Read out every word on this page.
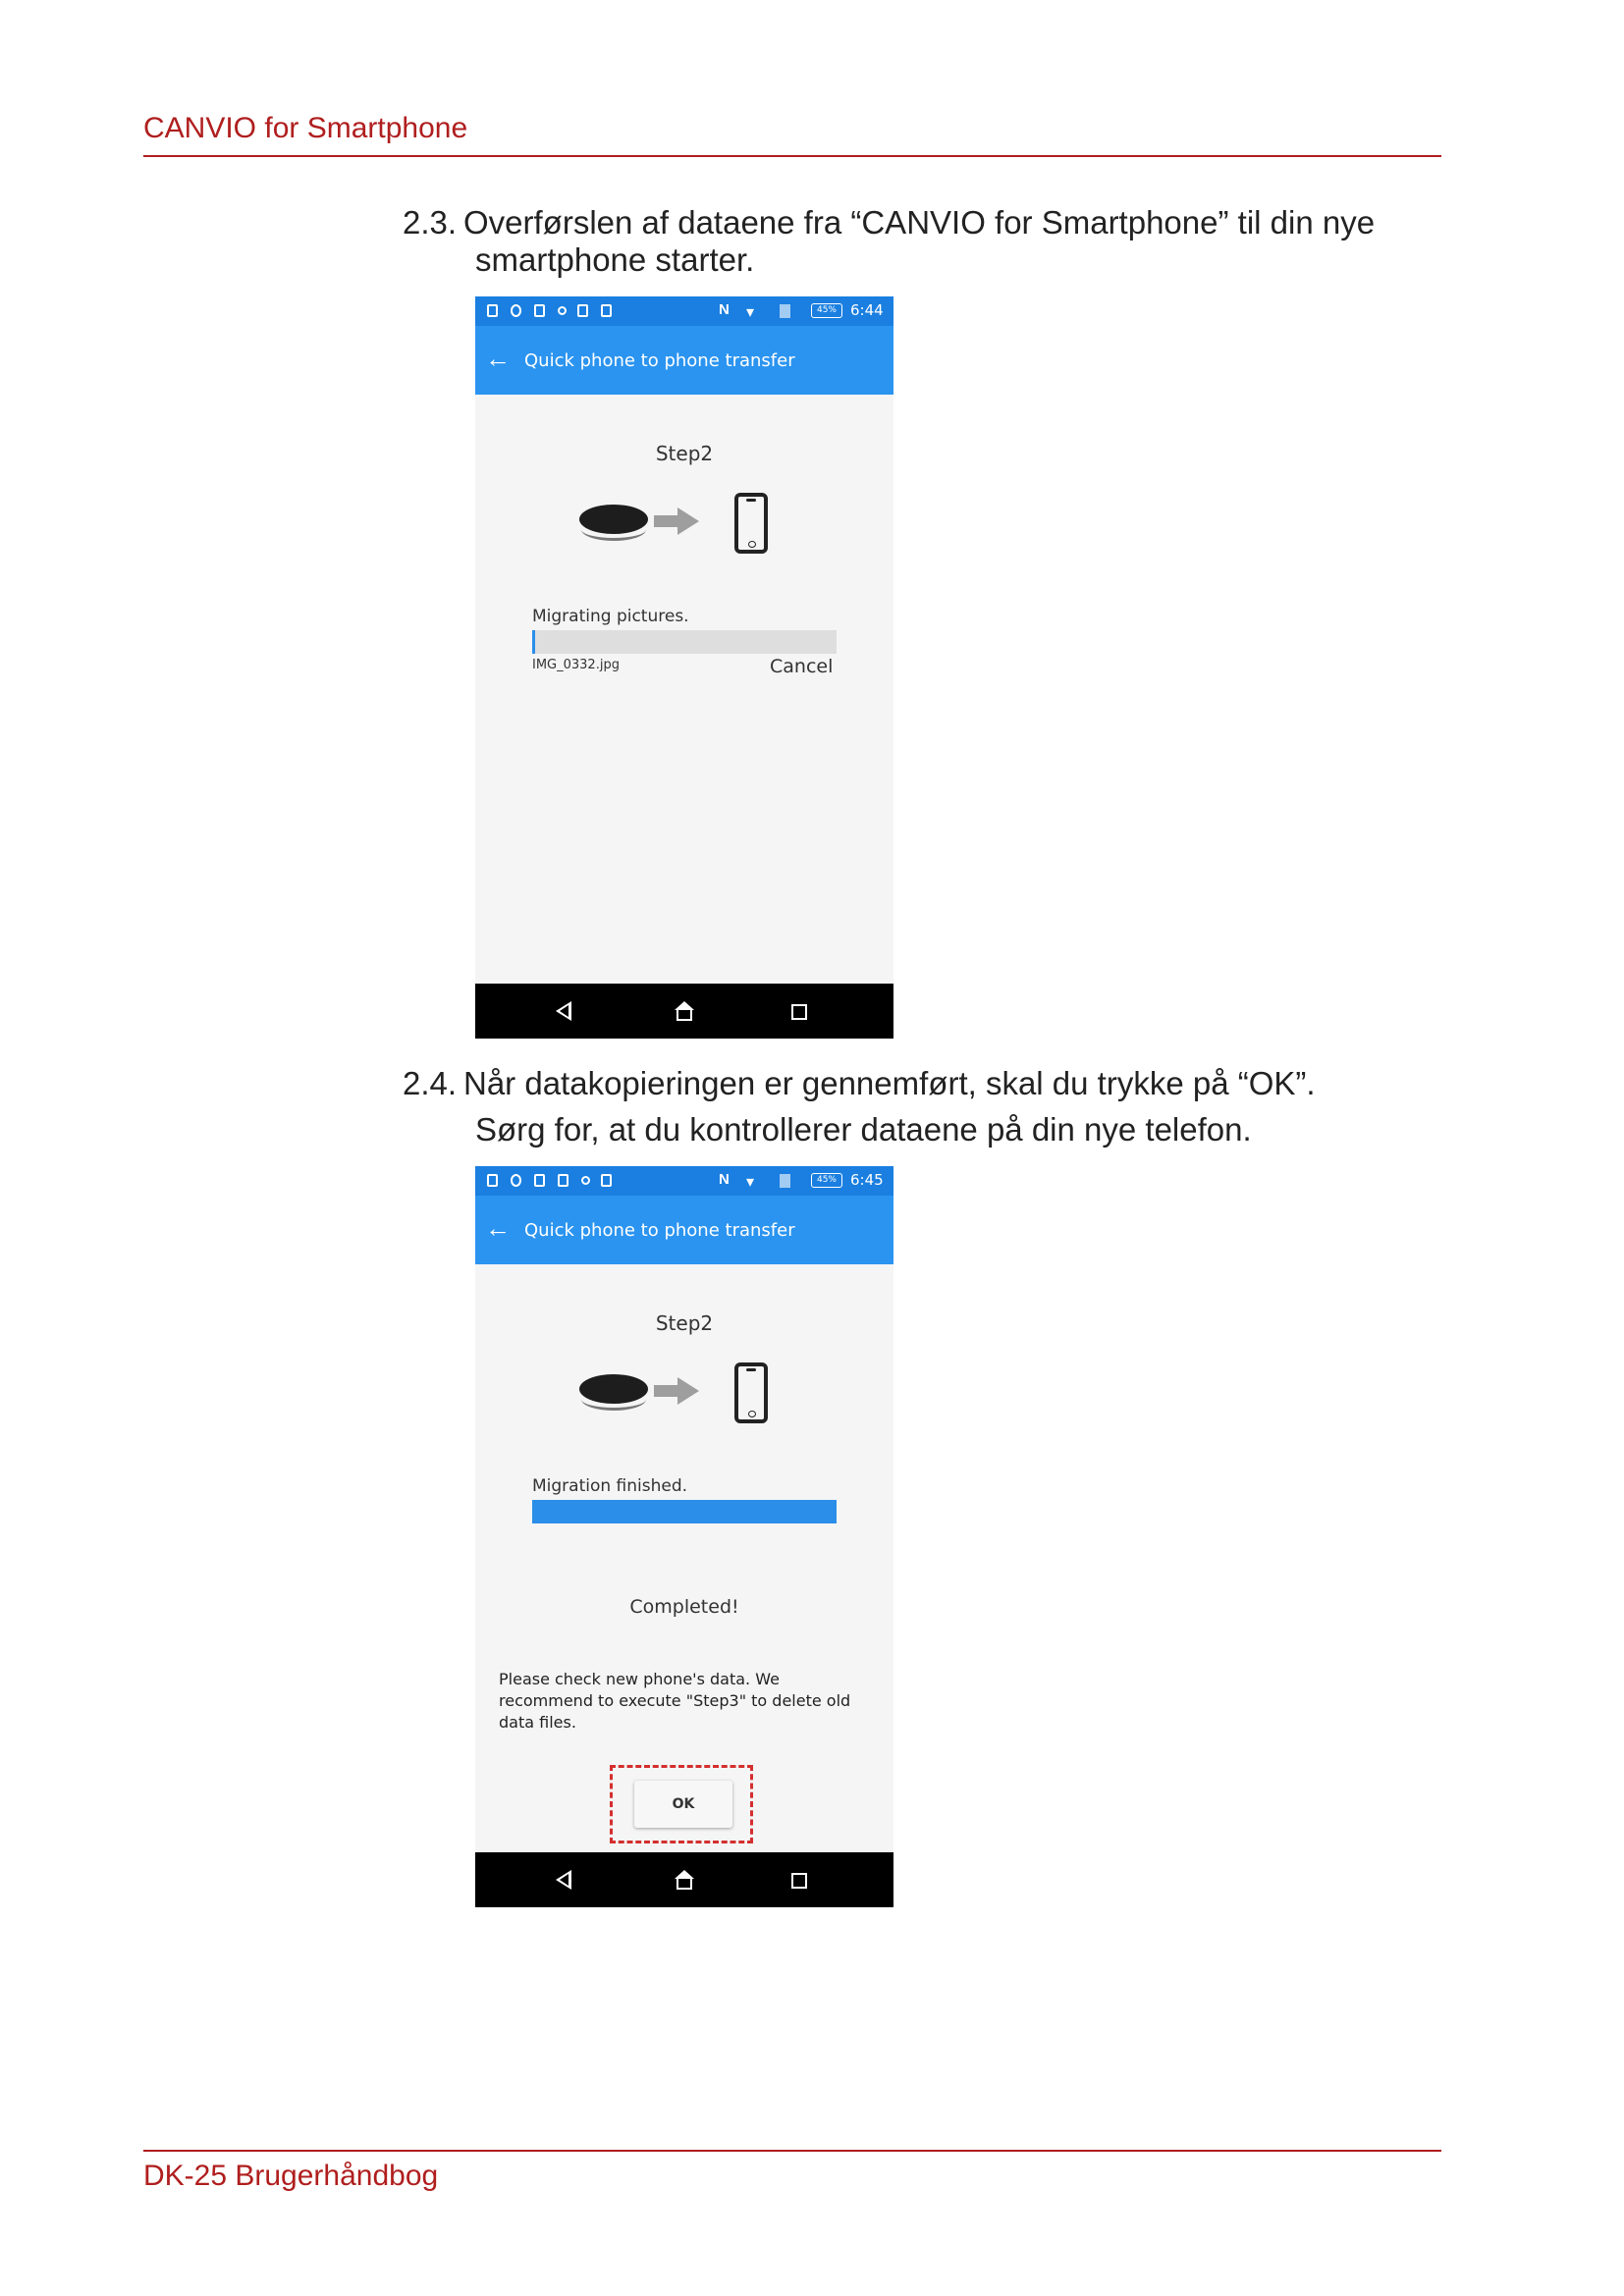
CANVIO for Smartphone
2.3. Overførslen af dataene fra “CANVIO for Smartphone” til din nye
smartphone starter.
N ▾	45% 6:44
← Quick phone to phone transfer
Step2
Migrating pictures.
IMG_0332.jpg	Cancel
2.4. Når datakopieringen er gennemført, skal du trykke på “OK”.
Sørg for, at du kontrollerer dataene på din nye telefon.
N ▾	45% 6:45
← Quick phone to phone transfer
Step2
Migration finished.
Completed!
Please check new phone's data. We recommend to execute "Step3" to delete old data files.
OK
DK-25 Brugerhåndbog
